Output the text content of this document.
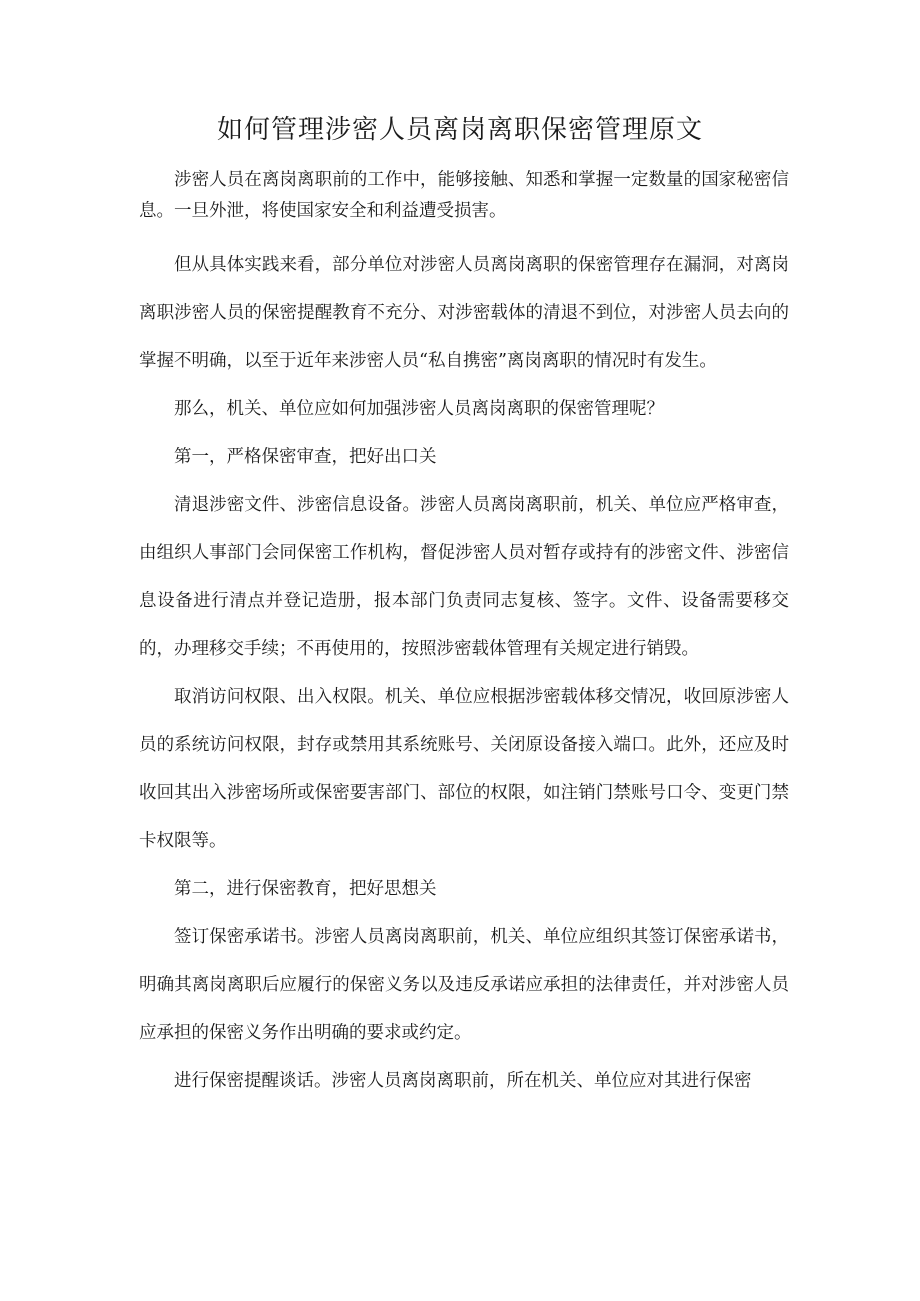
如何管理涉密人员离岗离职保密管理原文

涉密人员在离岗离职前的工作中，能够接触、知悉和掌握一定数量的国家秘密信息。一旦外泄，将使国家安全和利益遭受损害。

但从具体实践来看，部分单位对涉密人员离岗离职的保密管理存在漏洞，对离岗离职涉密人员的保密提醒教育不充分、对涉密载体的清退不到位，对涉密人员去向的掌握不明确，以至于近年来涉密人员“私自携密”离岗离职的情况时有发生。

那么，机关、单位应如何加强涉密人员离岗离职的保密管理呢？

第一，严格保密审查，把好出口关

清退涉密文件、涉密信息设备。涉密人员离岗离职前，机关、单位应严格审查，由组织人事部门会同保密工作机构，督促涉密人员对暂存或持有的涉密文件、涉密信息设备进行清点并登记造册，报本部门负责同志复核、签字。文件、设备需要移交的，办理移交手续；不再使用的，按照涉密载体管理有关规定进行销毁。

取消访问权限、出入权限。机关、单位应根据涉密载体移交情况，收回原涉密人员的系统访问权限，封存或禁用其系统账号、关闭原设备接入端口。此外，还应及时收回其出入涉密场所或保密要害部门、部位的权限，如注销门禁账号口令、变更门禁卡权限等。

第二，进行保密教育，把好思想关

签订保密承诺书。涉密人员离岗离职前，机关、单位应组织其签订保密承诺书，明确其离岗离职后应履行的保密义务以及违反承诺应承担的法律责任，并对涉密人员应承担的保密义务作出明确的要求或约定。

进行保密提醒谈话。涉密人员离岗离职前，所在机关、单位应对其进行保密
